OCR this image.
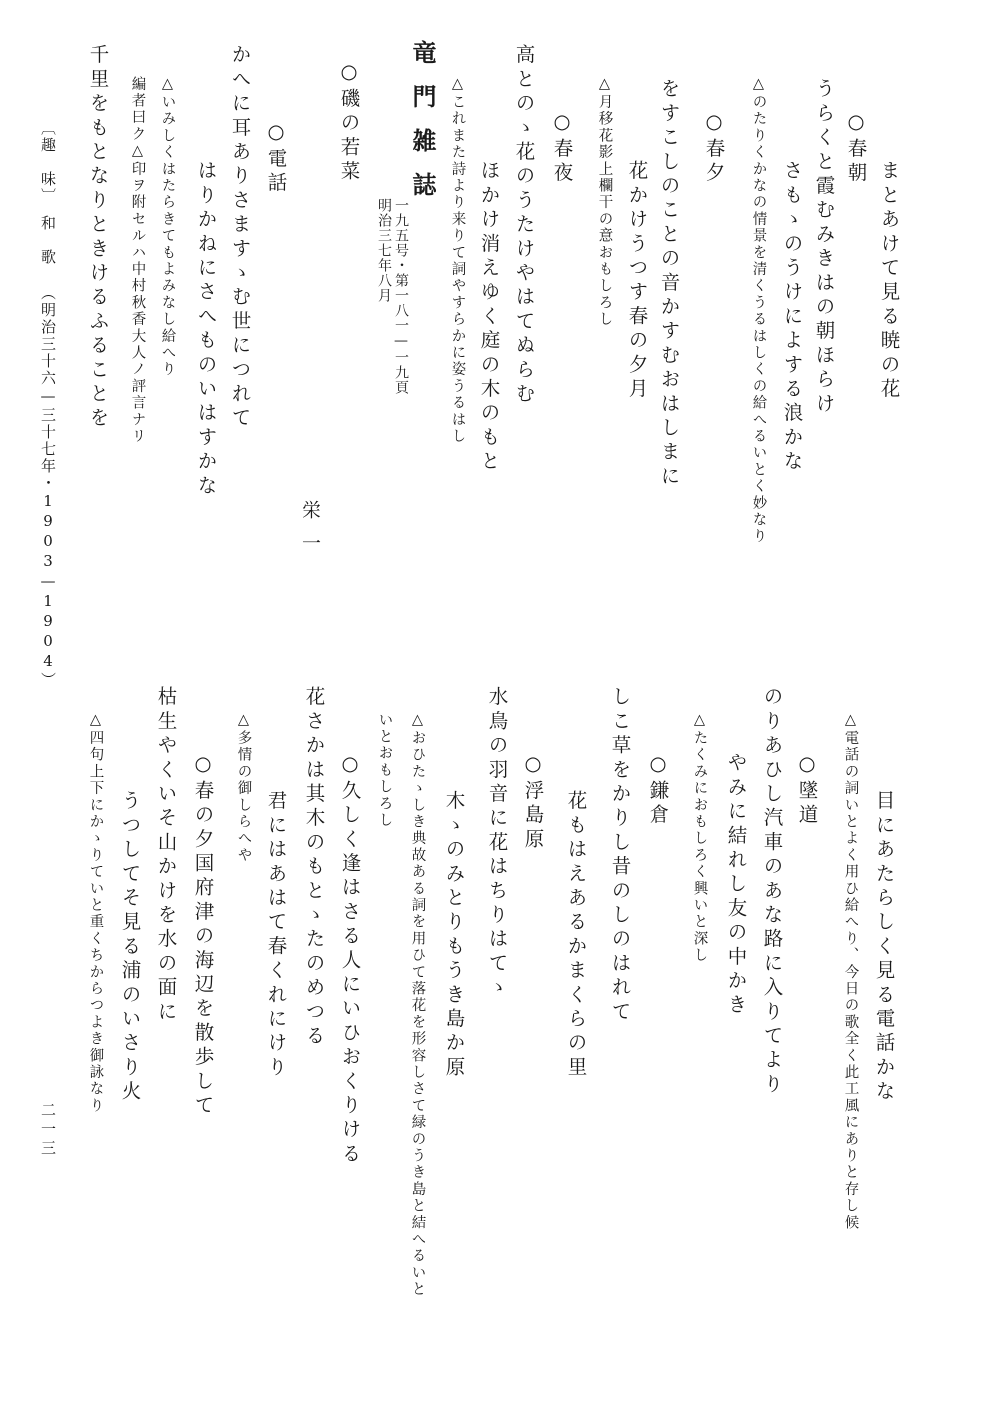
まとあけて見る暁の花
○春朝
うらくと霞むみきはの朝ほらけ
さもゝのうけによする浪かな
△のたりくかなの情景を清くうるはしくの給へるいとく妙なり
○春夕
をすこしのことの音かすむおはしまに
花かけうつす春の夕月
△月移花影上欄干の意おもしろし
○春夜
高とのゝ花のうたけやはてぬらむ
ほかけ消えゆく庭の木のもと
△これまた詩より来りて詞やすらかに姿うるはし
竜門雑誌
一九五号・第一八一—一九頁
明治三七年八月
○磯の若菜
栄一
○電話
かへに耳ありさますゝむ世につれて
はりかねにさへものいはすかな
△いみしくはたらきてもよみなし給へり
編者曰ク△印ヲ附セルハ中村秋香大人ノ評言ナリ
千里をもとなりときけるふることを
〔趣　味〕
和　歌
（明治三十六—三十七年・1903—1904）
目にあたらしく見る電話かな
△電話の詞いとよく用ひ給へり、今日の歌全く此工風にありと存し候
○墜道
のりあひし汽車のあな路に入りてより
やみに結れし友の中かき
△たくみにおもしろく興いと深し
○鎌倉
しこ草をかりし昔のしのはれて
花もはえあるかまくらの里
○浮島原
水鳥の羽音に花はちりはてゝ
木ゝのみとりもうき島か原
△おひたゝしき典故ある詞を用ひて落花を形容しさて緑のうき島と結へるいと
いとおもしろし
○久しく逢はさる人にいひおくりける
花さかは其木のもとゝたのめつる
君にはあはて春くれにけり
△多情の御しらへや
○春の夕国府津の海辺を散歩して
枯生やくいそ山かけを水の面に
うつしてそ見る浦のいさり火
△四句上下にかゝりていと重くちからつよき御詠なり
二一三
